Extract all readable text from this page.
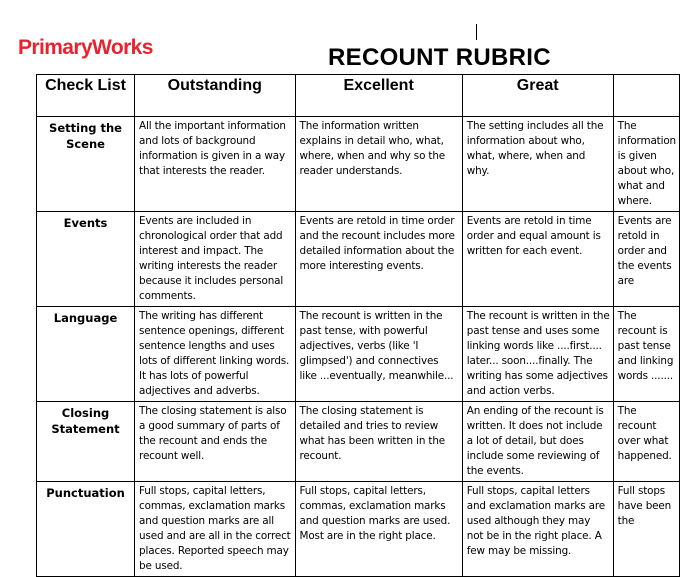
PrimaryWorks	RECOUNT RUBRIC
Check List	Outstanding	Excellent	Great	
Setting the Scene	All the important information and lots of background information is given in a way that interests the reader.	The information written explains in detail who, what, where, when and why so the reader understands.	The setting includes all the information about who, what, where, when and why.	The information is given about who, what and where.
Events	Events are included in chronological order that add interest and impact. The writing interests the reader because it includes personal comments.	Events are retold in time order and the recount includes more detailed information about the more interesting events.	Events are retold in time order and equal amount is written for each event.	Events are retold in order and the events are
Language	The writing has different sentence openings, different sentence lengths and uses lots of different linking words. It has lots of powerful adjectives and adverbs.	The recount is written in the past tense, with powerful adjectives, verbs (like 'I glimpsed') and connectives like ...eventually, meanwhile...	The recount is written in the past tense and uses some linking words like ....first.... later... soon....finally. The writing has some adjectives and action verbs.	The recount is past tense and linking words .......
Closing Statement	The closing statement is also a good summary of parts of the recount and ends the recount well.	The closing statement is detailed and tries to review what has been written in the recount.	An ending of the recount is written. It does not include a lot of detail, but does include some reviewing of the events.	The recount over what happened.
Punctuation	Full stops, capital letters, commas, exclamation marks and question marks are all used and are all in the correct places. Reported speech may be used.	Full stops, capital letters, commas, exclamation marks and question marks are used. Most are in the right place.	Full stops, capital letters and exclamation marks are used although they may not be in the right place. A few may be missing.	Full stops have been the
